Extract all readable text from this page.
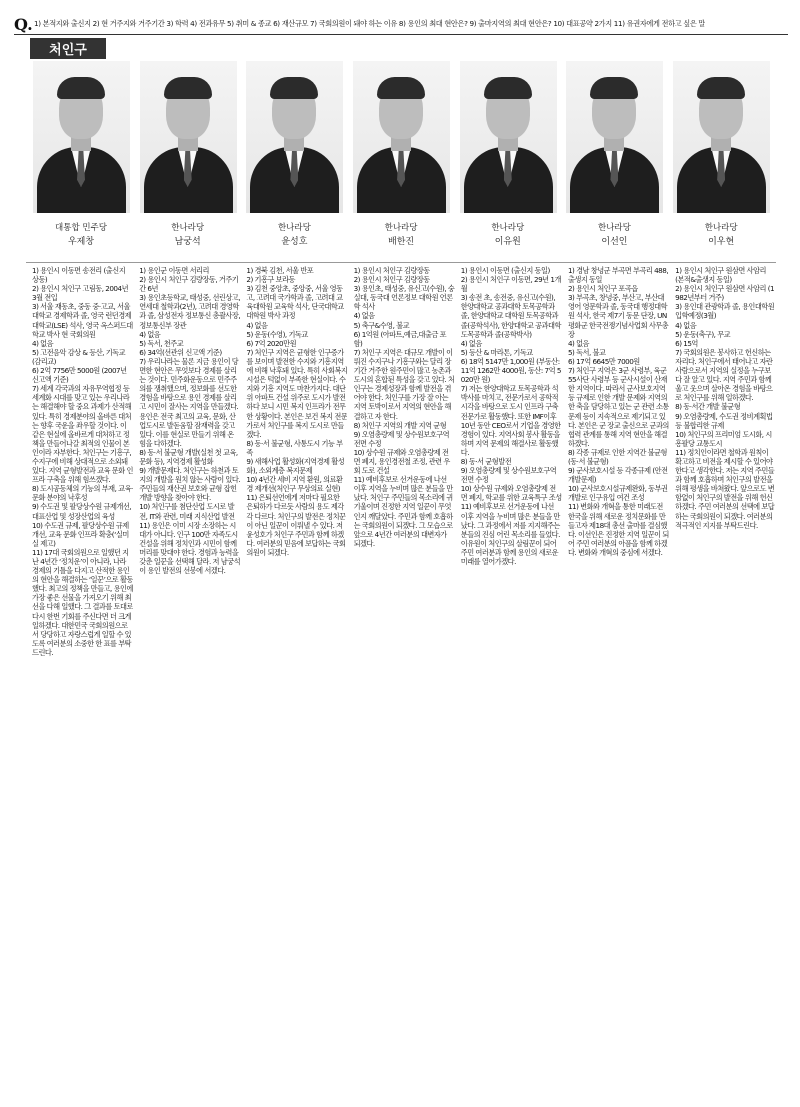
Q. 1) 본적지와 출신지 2) 현 거주지와 거주기간 3) 학력 4) 전과유무 5) 취미 & 종교 6) 재산규모 7) 국회의원이 돼야 하는 이유 8) 용인의 최대 현안은? 9) 출마지역의 최대 현안은? 10) 대표공약 2가지 11) 유권자에게 전하고 싶은 말
처인구
대통합 민주당
우제창
한나라당
남궁석
한나라당
윤성호
한나라당
배한진
한나라당
이유원
한나라당
이선인
한나라당
이우현
1) 용인시 이동면 송전리 (출신지 상동)
2) 용인시 처인구 고림동, 2004년 3월 전입
3) 서울 재동초, 중동 중·고교, 서울대학교 경제학과 졸, 영국 런던경제대학교(LSE) 석사, 영국 옥스퍼드대학교 박사 현 국회의원
4) 없음
5) 고전음악 감상 & 등산, 기독교(감리교)
6) 2억 7756만 5000원 (2007년 신고액 기준)
7) 세계 각국과의 자유무역협정 등 세계화 시대를 맞고 있는 우리나라는 해결해야 할 중요 과제가 산적해 있다. 특히 경제분야의 올바른 대처는 향후 국운을 좌우할 것이다. 이 같은 현실에 올바르게 대처하고 정책을 만들어나갈 최적의 인물이 본인이라 자부한다. 처인구는 기흥구, 수지구에 비해 상대적으로 소외돼 있다. 지역 균형발전과 교육 문화 인프라 구축을 위해 힘쓰겠다.
8) 도시공동체의 기능의 부재, 교육·문화 분야의 낙후성
9) 수도권 및 팔당상수원 규제개선, 대표산업 및 성장산업의 육성
10) 수도권 규제, 팔당상수원 규제 개선, 교육 문화 인프라 확충(‘실미 실 제고)
11) 17대 국회의원으로 일했던 지난 4년간 ‘정치운’이 아니라, 나라 경제의 기틀을 다지고 산적한 용인의 현안을 해결하는 ‘일꾼’으로 활동했다. 최고의 정책을 만들고, 용인에 가장 좋은 선물을 가져오기 위해 최선을 다해 일했다. 그 결과를 토대로 다시 한번 기회를 주신다면 더 크게 일하겠다. 대한민국 국회의원으로서 당당하고 자랑스럽게 일할 수 있도록 여러분의 소중한 한 표를 부탁드린다.
1) 용인군 이동면 서리리
2) 용인시 처인구 김량장동, 거주기간 6년
3) 용인초등학교, 태성중, 선린상고, 연세대 철학과(2년), 고려대 경영학과 졸, 삼성전자 정보통신 총괄사장, 정보통신부 장관
4) 없음
5) 독서, 천주교
6) 34억(선관위 신고액 기준)
7) 우리나라는 물론 지금 용인이 당면한 현안은 무엇보다 경제를 살리는 것이다. 민주화운동으로 민주주의를 쟁취했으며, 정보화를 선도한 경험을 바탕으로 용인 경제를 살리고 시민이 잘사는 지역을 만들겠다. 용인은 전국 최고의 교육, 문화, 산업도시로 발돋움할 잠재력을 갖고 있다. 이를 현실로 만들기 위해 온 힘을 다하겠다.
8) 동·서 불균형 개발(실천 첫 교육, 문화 등), 지역경제 활성화
9) 개발문제다. 처인구는 하천과 토지의 개발을 원치 않는 사람이 있다. 주민들의 재산권 보호와 균형 잡힌 개발 방향을 찾아야 한다.
10) 처인구를 첨단산업 도시로 발전, IT와 관련, 미래 지식산업 발전
11) 용인은 이미 시장 소장하는 시대가 아니다. 인구 100만 자족도시 건설을 위해 정치인과 시민이 함께 머리를 맞대야 한다. 경험과 능력을 갖춘 일꾼을 선택해 달라. 저 남궁석이 용인 발전의 선봉에 서겠다.
1) 경북 김천, 서울 반포
2) 기흥구 보라동
3) 김천 중앙초, 중앙중, 서울 영동고, 고려대 국가학과 졸, 고려대 교육대학원 교육학 석사, 단국대학교 대학원 박사 과정
4) 없음
5) 운동(수영), 기독교
6) 7억 2020만원
7) 처인구 지역은 균형한 인구증가를 보이며 발전한 수지와 기흥지역에 비해 낙후돼 있다. 특히 사회복지시설은 턱없이 부족한 현실이다. 수지와 기흥 지역도 마찬가지다. 대단위 아파트 건설 위주로 도시가 발전하다 보니 시민 복지 인프라가 전무한 상황이다. 본인은 보건 복지 전문가로서 처인구를 복지 도시로 만들겠다.
8) 동·서 불균형, 사통도시 기능 부족
9) 새해사업 활성화(지역경제 활성화), 소외계층 복지문제
10) 4년간 세비 지역 환원, 의료환경 제개선(처인구 무상의료 실현)
11) 은퇴선언에게 저마다 필요한 은퇴하가 다르듯 사람의 용도 제각각 다르다. 처인구의 발전은 정치꾼이 아닌 일꾼이 이뤄낼 수 있다. 저 윤성호가 처인구 주민과 함께 하겠다. 여러분의 믿음에 보답하는 국회의원이 되겠다.
1) 용인시 처인구 김량장동
2) 용인시 처인구 김량장동
3) 용인초, 태성중, 유신고(수원), 숭실대, 동국대 언론정보 대학원 언론학 석사
4) 없음
5) 축구&수영, 불교
6) 1억원 (아파트,예금,대출금 포함)
7) 처인구 지역은 대규모 개발이 이뤄진 수지구나 기흥구와는 달리 장기간 거주한 원주민이 많고 농촌과 도시의 혼합된 특성을 갖고 있다. 처인구는 경제성장과 함께 발전을 겪어야 한다. 처인구를 가장 잘 아는 지역 토박이로서 지역의 현안을 해결하고 자 한다.
8) 처인구 지역의 개발 지역 균형
9) 오염총량제 및 상수원보호구역 전면 수정
10) 상수원 규제와 오염총량제 전면 폐지, 용인경전철 조정, 관련 우회 도로 건설
11) 예비후보로 선거운동에 나선 이후 지역을 누비며 많은 분들을 만났다. 처인구 주민들의 목소리에 귀 기울이며 진정한 지역 일꾼이 무엇인지 깨달았다. 주민과 함께 호흡하는 국회의원이 되겠다. 그 모습으로 앞으로 4년간 여러분의 대변자가 되겠다.
1) 용인시 이동면 (출신지 동일)
2) 용인시 처인구 이동면, 29년 1개월
3) 송전 초, 송전중, 유신고(수원), 한양대학교 공과대학 토목공학과 졸, 한양대학교 대학원 토목공학과 졸(공학석사), 한양대학교 공과대학 도목공학과 졸(공학박사)
4) 없음
5) 등산 & 마라톤, 기독교
6) 18억 5147만 1,000원 (부동산: 11억 1262만 4000원, 동산: 7억 5020만 원)
7) 저는 한양대학교 토목공학과 석 박사를 마치고, 전문가로서 공학적 시각을 바탕으로 도시 인프라 구축 전문가로 활동했다. 또한 IMF이후 10년 동안 CEO로서 기업을 경영한 경험이 있다. 지역사회 봉사 활동을 하며 지역 문제의 해결사로 활동했다.
8) 동·서 균형발전
9) 오염총량제 및 상수원보호구역 전면 수정
10) 상수원 규제와 오염총량제 전면 폐지, 학교를 위한 교육특구 조성
11) 예비후보로 선거운동에 나선 이후 지역을 누비며 많은 분들을 만났다. 그 과정에서 저를 지지해주는 분들의 진심 어린 목소리를 들었다. 이유원이 처인구의 살림꾼이 되어 주민 여러분과 함께 용인의 새로운 미래를 열어가겠다.
1) 경남 창녕군 부곡면 부곡리 488, 출생지 동일
2) 용인시 처인구 포곡읍
3) 부곡초, 창녕중, 부산고, 부산대 영어 영문학과 졸, 동국대 행정대학원 석사, 한국 제7기 동문 단장, UN평화군 한국전쟁기념사업회 사무총장
4) 없음
5) 독서, 불교
6) 17억 6645만 7000원
7) 처인구 지역은 3군 사령부, 육군 55사단 사령부 등 군사시설이 산재한 지역이다. 따라서 군사보호지역 등 규제로 인한 개발 문제와 지역의 한 축을 담당하고 있는 군 관련 소통 문제 등이 지속적으로 제기되고 있다. 본인은 군 장교 출신으로 군과의 협력 관계를 통해 지역 현안을 해결하겠다.
8) 각종 규제로 인한 지역간 불균형 (동·서 불균형)
9) 군사보호시설 등 각종규제 (안전 개발문제)
10) 군사보호시설규제완화, 동부권개발로 인구유입 여건 조성
11) 변화와 개혁을 통한 미래도전 한국을 위해 새로운 정치문화를 만들고자 제18대 총선 출마를 결심했다. 이선인은 진정한 지역 일꾼이 되어 주민 여러분의 아픔을 함께 하겠다. 변화와 개혁의 중심에 서겠다.
1) 용인시 처인구 원삼면 사암리 (본적&출생지 동일)
2) 용인시 처인구 원삼면 사암리 (1982년부터 거주)
3) 용인대 관광학과 졸, 용인대학원 입학예정(3월)
4) 없음
5) 운동(축구), 무교
6) 15억
7) 국회의원은 봉사하고 헌신하는 자리다. 처인구에서 태어나고 자란 사람으로서 지역의 실정을 누구보다 잘 알고 있다. 지역 주민과 함께 울고 웃으며 살아온 경험을 바탕으로 처인구를 위해 일하겠다.
8) 동·서간 개발 불균형
9) 오염총량제, 수도권 정비계획법 등 불합리한 규제
10) 처인구의 프리미엄 도시화, 시흥팔당 교통도시
11) 정치인이라면 철학과 원칙이 확고하고 비전을 제시할 수 있어야 한다고 생각한다. 저는 지역 주민들과 함께 호흡하며 처인구의 발전을 위해 평생을 바쳐왔다. 앞으로도 변함없이 처인구의 발전을 위해 헌신하겠다. 주민 여러분의 선택에 보답하는 국회의원이 되겠다. 여러분의 적극적인 지지를 부탁드린다.
